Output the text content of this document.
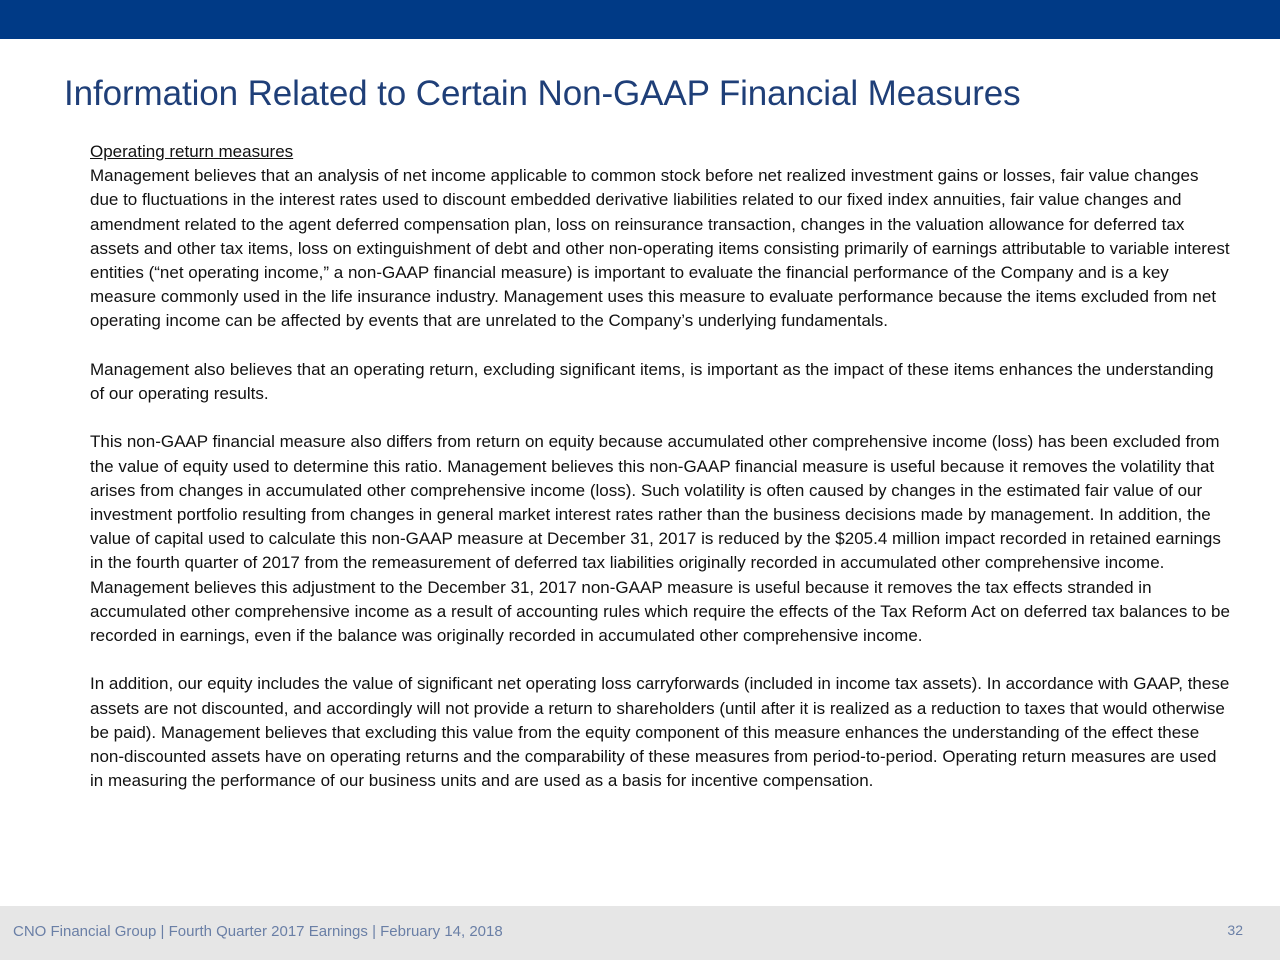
Information Related to Certain Non-GAAP Financial Measures
Operating return measures

Management believes that an analysis of net income applicable to common stock before net realized investment gains or losses, fair value changes due to fluctuations in the interest rates used to discount embedded derivative liabilities related to our fixed index annuities, fair value changes and amendment related to the agent deferred compensation plan, loss on reinsurance transaction, changes in the valuation allowance for deferred tax assets and other tax items, loss on extinguishment of debt and other non-operating items consisting primarily of earnings attributable to variable interest entities (“net operating income,” a non-GAAP financial measure) is important to evaluate the financial performance of the Company and is a key measure commonly used in the life insurance industry. Management uses this measure to evaluate performance because the items excluded from net operating income can be affected by events that are unrelated to the Company’s underlying fundamentals.

Management also believes that an operating return, excluding significant items, is important as the impact of these items enhances the understanding of our operating results.

This non-GAAP financial measure also differs from return on equity because accumulated other comprehensive income (loss) has been excluded from the value of equity used to determine this ratio. Management believes this non-GAAP financial measure is useful because it removes the volatility that arises from changes in accumulated other comprehensive income (loss). Such volatility is often caused by changes in the estimated fair value of our investment portfolio resulting from changes in general market interest rates rather than the business decisions made by management. In addition, the value of capital used to calculate this non-GAAP measure at December 31, 2017 is reduced by the $205.4 million impact recorded in retained earnings in the fourth quarter of 2017 from the remeasurement of deferred tax liabilities originally recorded in accumulated other comprehensive income. Management believes this adjustment to the December 31, 2017 non-GAAP measure is useful because it removes the tax effects stranded in accumulated other comprehensive income as a result of accounting rules which require the effects of the Tax Reform Act on deferred tax balances to be recorded in earnings, even if the balance was originally recorded in accumulated other comprehensive income.

In addition, our equity includes the value of significant net operating loss carryforwards (included in income tax assets). In accordance with GAAP, these assets are not discounted, and accordingly will not provide a return to shareholders (until after it is realized as a reduction to taxes that would otherwise be paid). Management believes that excluding this value from the equity component of this measure enhances the understanding of the effect these non-discounted assets have on operating returns and the comparability of these measures from period-to-period. Operating return measures are used in measuring the performance of our business units and are used as a basis for incentive compensation.

CNO Financial Group | Fourth Quarter 2017 Earnings | February 14, 2018	32
